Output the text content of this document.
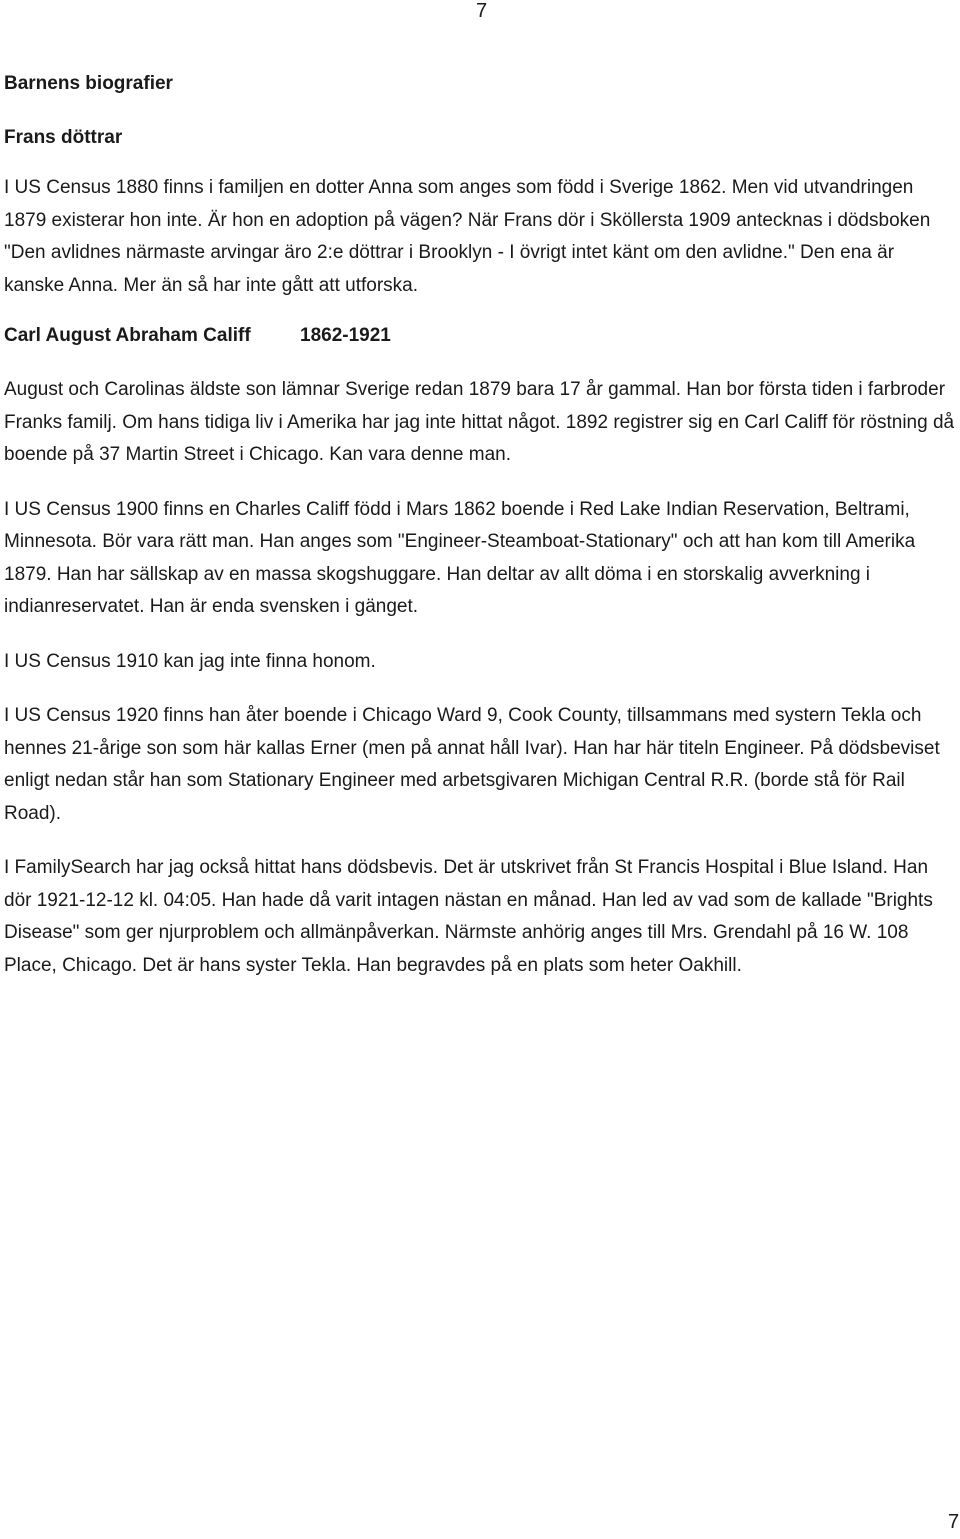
7

Barnens biografier

Frans döttrar

I US Census 1880 finns i familjen en dotter Anna som anges som född i Sverige 1862. Men vid utvandringen 1879 existerar hon inte. Är hon en adoption på vägen? När Frans dör i Sköllersta 1909 antecknas i dödsboken "Den avlidnes närmaste arvingar äro 2:e döttrar i Brooklyn - I övrigt intet känt om den avlidne." Den ena är kanske Anna. Mer än så har inte gått att utforska.

Carl August Abraham Califf	1862-1921

August och Carolinas äldste son lämnar Sverige redan 1879 bara 17 år gammal. Han bor första tiden i farbroder Franks familj. Om hans tidiga liv i Amerika har jag inte hittat något. 1892 registrer sig en Carl Califf för röstning då boende på 37 Martin Street i Chicago. Kan vara denne man.

I US Census 1900 finns en Charles Califf född i Mars 1862 boende i Red Lake Indian Reservation, Beltrami, Minnesota. Bör vara rätt man. Han anges som "Engineer-Steamboat-Stationary" och att han kom till Amerika 1879. Han har sällskap av en massa skogshuggare. Han deltar av allt döma i en storskalig avverkning i indianreservatet. Han är enda svensken i gänget.

I US Census 1910 kan jag inte finna honom.

I US Census 1920 finns han åter boende i Chicago Ward 9, Cook County, tillsammans med systern Tekla och hennes 21-årige son som här kallas Erner (men på annat håll Ivar). Han har här titeln Engineer. På dödsbeviset enligt nedan står han som Stationary Engineer med arbetsgivaren Michigan Central R.R. (borde stå för Rail Road).

I FamilySearch har jag också hittat hans dödsbevis. Det är utskrivet från St Francis Hospital i Blue Island. Han dör 1921-12-12 kl. 04:05. Han hade då varit intagen nästan en månad. Han led av vad som de kallade "Brights Disease" som ger njurproblem och allmänpåverkan. Närmste anhörig anges till Mrs. Grendahl på 16 W. 108 Place, Chicago. Det är hans syster Tekla. Han begravdes på en plats som heter Oakhill.

7
